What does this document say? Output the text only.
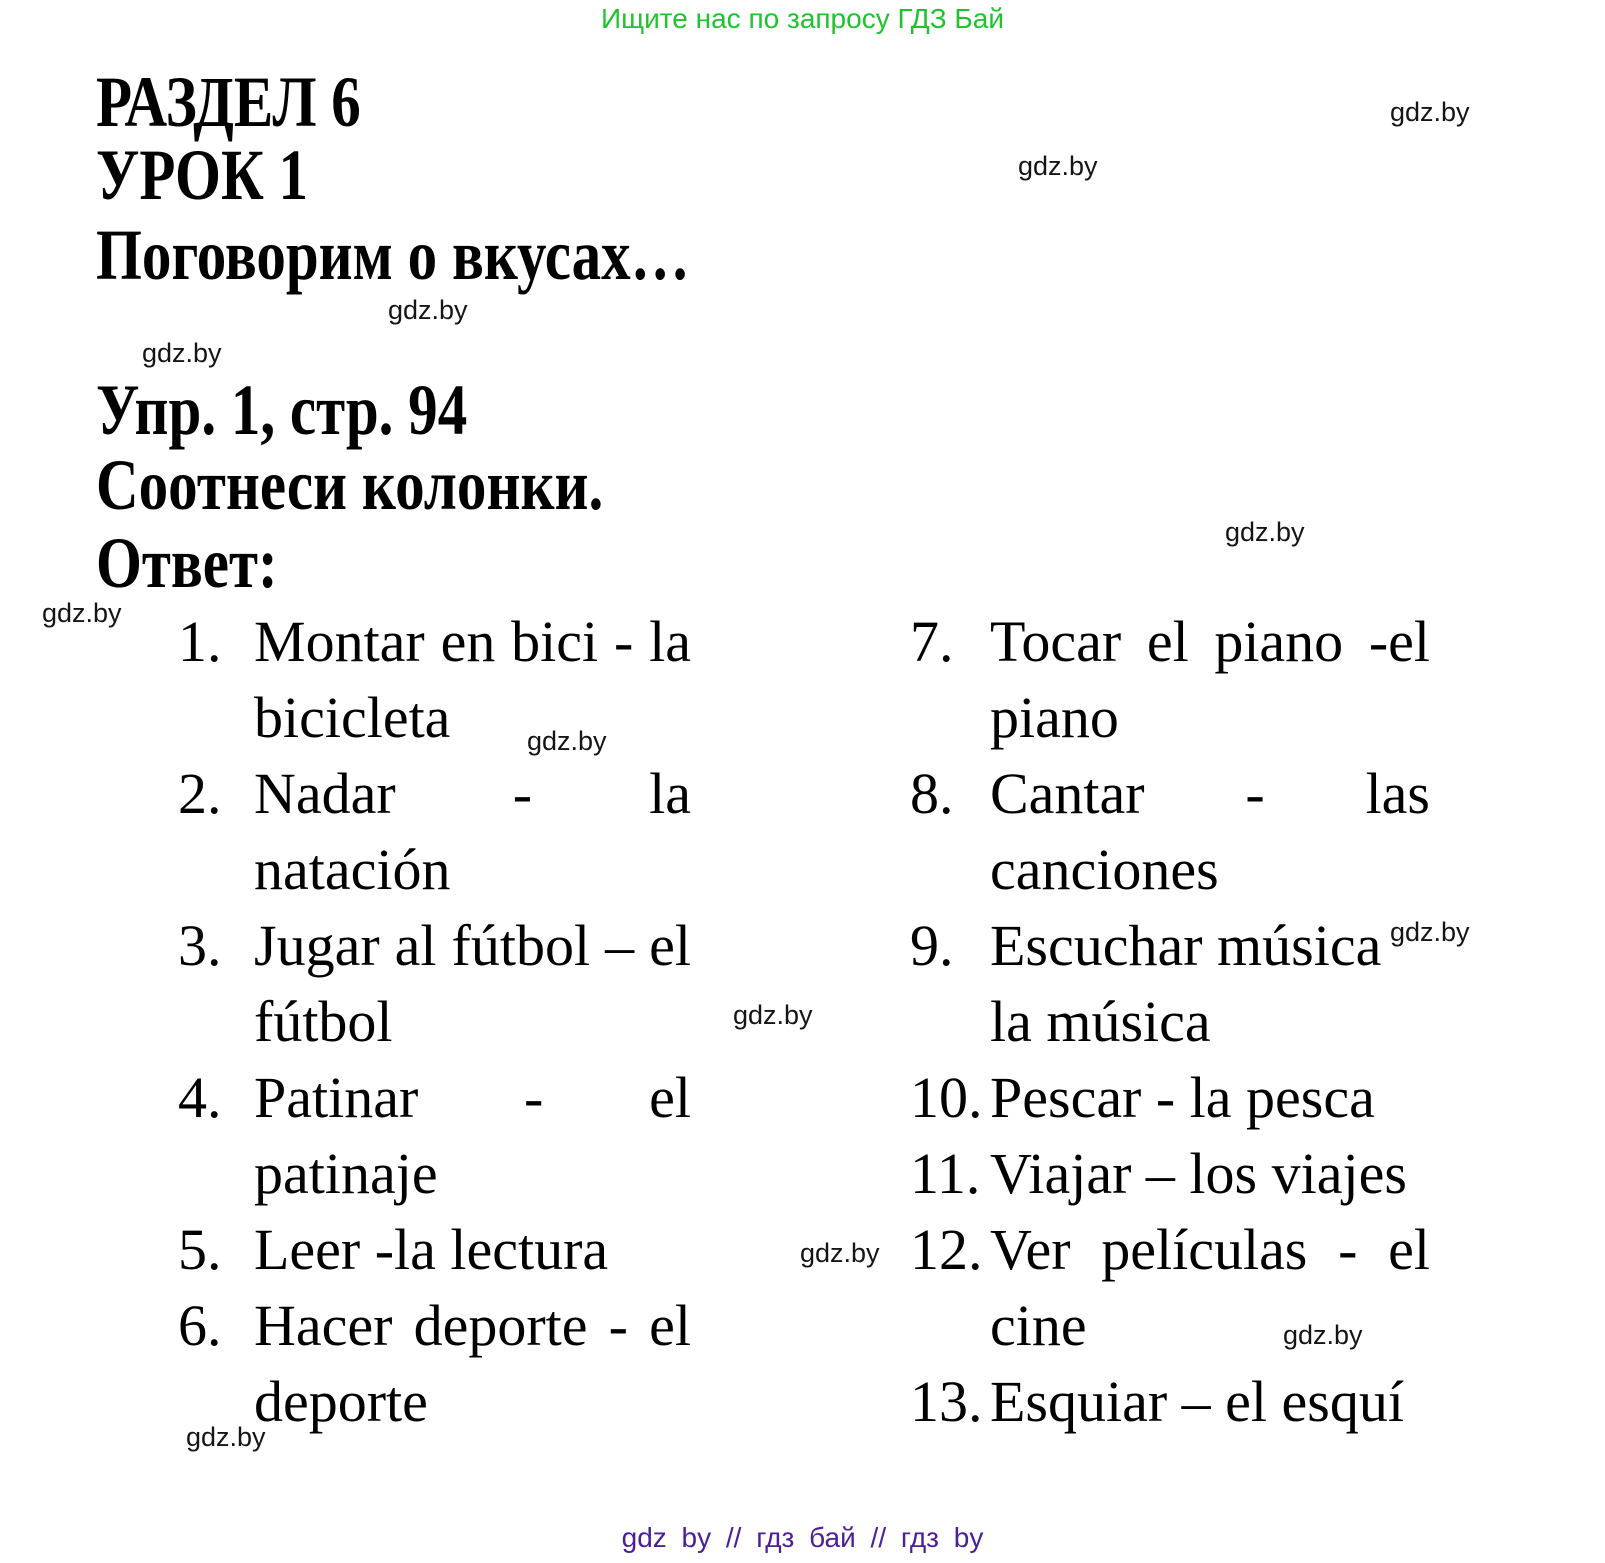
Ищите нас по запросу ГДЗ Бай
РАЗДЕЛ 6
УРОК 1
Поговорим о вкусах…
Упр. 1, стр. 94
Соотнеси колонки.
Ответ:
1. Montar en bici - la
bicicleta
2. Nadar - la
natación
3. Jugar al fútbol – el
fútbol
4. Patinar - el
patinaje
5. Leer -la lectura
6. Hacer deporte - el
deporte
7. Tocar el piano -el
piano
8. Cantar - las
canciones
9. Escuchar música
la música
10. Pescar - la pesca
11. Viajar – los viajes
12. Ver películas - el
cine
13. Esquiar – el esquí
gdz.by
gdz.by
gdz.by
gdz.by
gdz.by
gdz.by
gdz.by
gdz.by
gdz.by
gdz.by
gdz.by
gdz.by
gdz by // гдз бай // гдз by
